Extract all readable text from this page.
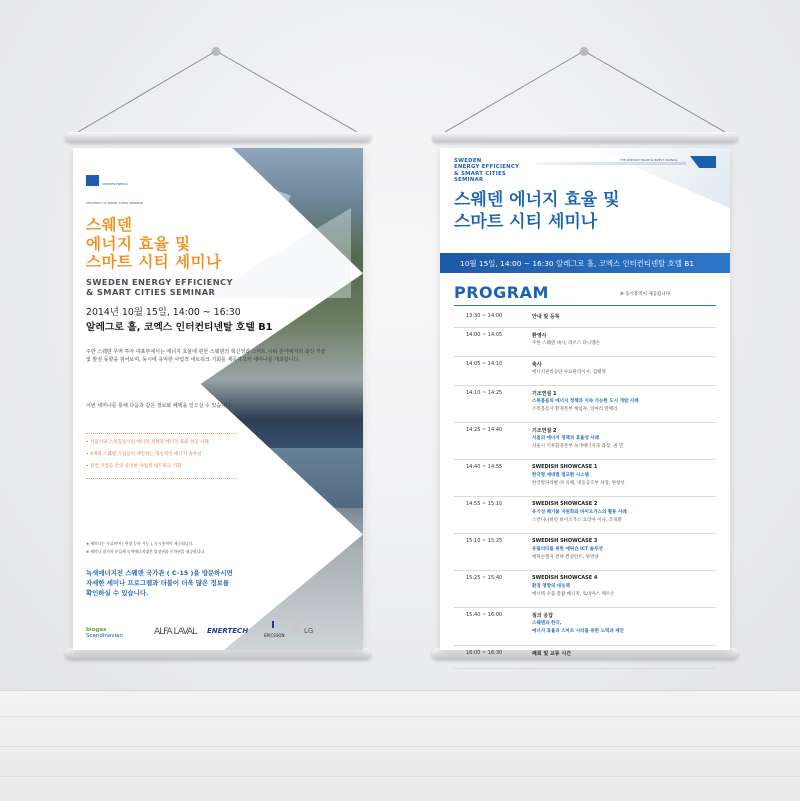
SWEDEN ENERGY EFFICIENCY & SMART CITIES SEMINAR
스웨덴
에너지 효율 및
스마트 시티 세미나
SWEDEN ENERGY EFFICIENCY
& SMART CITIES SEMINAR
2014년 10월 15일, 14:00 ~ 16:30
알레그로 홀, 코엑스 인터컨티넨탈 호텔 B1
주한 스웨덴 무역 투자 대표부에서는 에너지 효율에 관한 스웨덴의 혁신성과 스마트 시티 분야에서의 최신 기술 및 발전 동향을 짚어보며, 동시에 유익한 사업적 네트워크 기회를 제공하고자 세미나를 개최합니다.
이번 세미나를 통해 다음과 같은 정보와 혜택을 얻으실 수 있습니다.
• 서울시와 스톡홀름시의 에너지 정책과 에너지 효율 성공 사례
• 4개의 스웨덴 기업들이 제안하는 혁신적인 에너지 솔루션
• 관련 기업들 간의 유익한 사업적 네트워크 기회
※ 세미나는 무료이며 ( 현장 등록 가능 ), 동시통역이 제공됩니다.
※ 세미나 참가자 분들께 녹색에너지대전 입장권과 주차권을 제공합니다.
녹색에너지전 스웨덴 국가관 ( C-15 )을 방문하시면
자세한 세미나 프로그램과 더불어 더욱 많은 정보를
확인하실 수 있습니다.
Scandinavian
biogas	ALFA LAVAL ENERTECH
ERICSSON
LG
SWEDEN
ENERGY EFFICIENCY
& SMART CITIES
SEMINAR
THE SWEDISH TRADE & INVEST COUNCIL
스웨덴 에너지 효율 및
스마트 시티 세미나
10월 15일, 14:00 ~ 16:30 알레그로 홀, 코엑스 인터컨티넨탈 호텔 B1
PROGRAM	※ 동시통역이 제공됩니다.
13:30 ~ 14:00	안내 및 등록
14:00 ~ 14:05	환영사
주한 스웨덴 대사, 라르스 다니엘손
14:05 ~ 14:10	축사
에너지관리공단 수요관리이사, 김태영
14:10 ~ 14:25	기조연설 1
스톡홀름의 에너지 정책과 지속 가능한 도시 개발 사례
스톡홀름시 환경본부 책임자, 잉마리 알베리
14:25 ~ 14:40	기조연설 2
서울의 에너지 정책과 효율성 사례
서울시 기후환경본부 녹색에너지과 과장, 권 민
14:40 ~ 14:55	SWEDISH SHOWCASE 1
한국형 세대별 열교환 시스템
한국알파라발 ㈜ 유체, 냉동공조부 차장, 한창선
14:55 ~ 15:10	SWEDISH SHOWCASE 2
유기성 폐기물 자원화와 바이오가스의 활용 사례
스칸디나비안 바이오가스 코리아 이사, 조경환
15:10 ~ 15:25	SWEDISH SHOWCASE 3
유틸리티를 위한 에릭슨 ICT 솔루션
에릭슨엘지 전략 컨설턴트, 위영량
15:25 ~ 15:40	SWEDISH SHOWCASE 4
환경 영향의 대응책
에너텍 수출 총괄 매니저, 토비아스 페르손
15:40 ~ 16:00	질의 응답
스웨덴과 한국,
에너지 효율과 스마트 시티를 위한 노력과 제안
16:00 ~ 16:30	폐회 및 교류 시간
